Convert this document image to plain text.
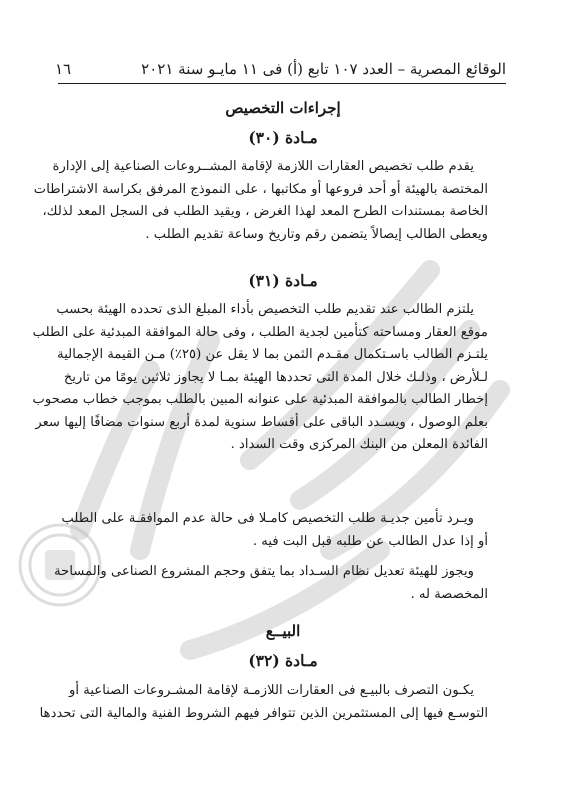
الوقائع المصرية – العدد ١٠٧ تابع (أ) فى ١١ مايـو سنة ٢٠٢١
١٦
إجراءات التخصيص
مـادة (٣٠)
يقدم طلب تخصيص العقارات اللازمة لإقامة المشــروعات الصناعية إلى الإدارة
المختصة بالهيئة أو أحد فروعها أو مكاتبها ، على النموذج المرفق بكراسة الاشتراطات
الخاصة بمستندات الطرح المعد لهذا الغرض ، ويقيد الطلب فى السجل المعد لذلك،
ويعطى الطالب إيصالاً يتضمن رقم وتاريخ وساعة تقديم الطلب .
مـادة (٣١)
يلتزم الطالب عند تقديم طلب التخصيص بأداء المبلغ الذى تحدده الهيئة بحسب
موقع العقار ومساحته كتأمين لجدية الطلب ، وفى حالة الموافقة المبدئية على الطلب
يلتـزم الطالب باسـتكمال مقـدم الثمن بما لا يقل عن (٢٥٪) مـن القيمة الإجمالية
لـلأرض ، وذلـك خلال المدة التى تحددها الهيئة بمـا لا يجاوز ثلاثين يومًا من تاريخ
إخطار الطالب بالموافقة المبدئية على عنوانه المبين بالطلب بموجب خطاب مصحوب
بعلم الوصول ، ويسـدد الباقى على أقساط سنوية لمدة أربع سنوات مضافًا إليها سعر
الفائدة المعلن من البنك المركزى وقت السداد .
ويـرد تأمين جديـة طلب التخصيص كامـلا فى حالة عدم الموافقـة على الطلب
أو إذا عدل الطالب عن طلبه قبل البت فيه .
ويجوز للهيئة تعديل نظام السـداد بما يتفق وحجم المشروع الصناعى والمساحة
المخصصة له .
البيــع
مـادة (٣٢)
يكـون التصرف بالبيـع فى العقارات اللازمـة لإقامة المشـروعات الصناعية أو
التوسـع فيها إلى المستثمرين الذين تتوافر فيهم الشروط الفنية والمالية التى تحددها
